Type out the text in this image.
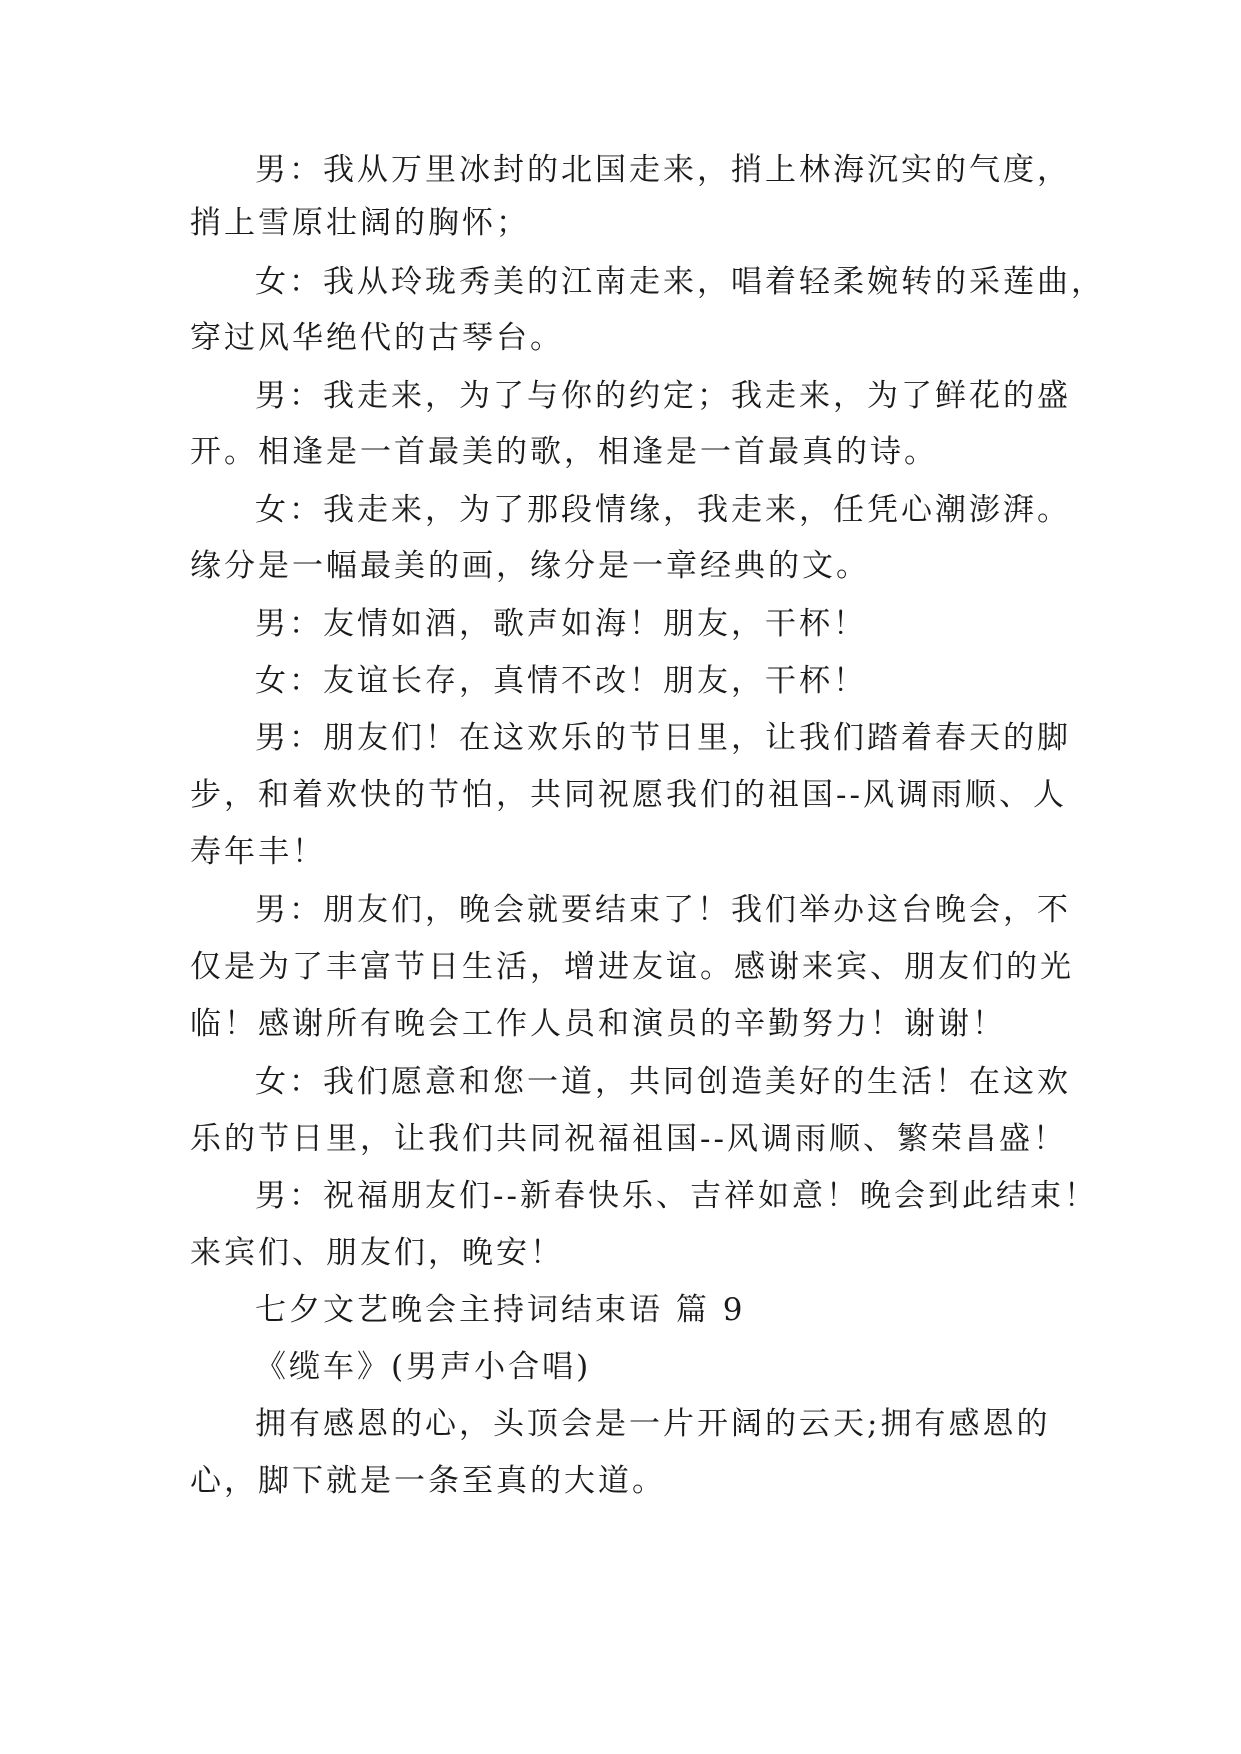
男：我从万里冰封的北国走来，捎上林海沉实的气度，
捎上雪原壮阔的胸怀；
女：我从玲珑秀美的江南走来，唱着轻柔婉转的采莲曲，
穿过风华绝代的古琴台。
男：我走来，为了与你的约定；我走来，为了鲜花的盛
开。相逢是一首最美的歌，相逢是一首最真的诗。
女：我走来，为了那段情缘，我走来，任凭心潮澎湃。
缘分是一幅最美的画，缘分是一章经典的文。
男：友情如酒，歌声如海！朋友，干杯！
女：友谊长存，真情不改！朋友，干杯！
男：朋友们！在这欢乐的节日里，让我们踏着春天的脚
步，和着欢快的节怕，共同祝愿我们的祖国--风调雨顺、人
寿年丰！
男：朋友们，晚会就要结束了！我们举办这台晚会，不
仅是为了丰富节日生活，增进友谊。感谢来宾、朋友们的光
临！感谢所有晚会工作人员和演员的辛勤努力！谢谢！
女：我们愿意和您一道，共同创造美好的生活！在这欢
乐的节日里，让我们共同祝福祖国--风调雨顺、繁荣昌盛！
男：祝福朋友们--新春快乐、吉祥如意！晚会到此结束！
来宾们、朋友们，晚安！
七夕文艺晚会主持词结束语 篇 9
《缆车》(男声小合唱)
拥有感恩的心，头顶会是一片开阔的云天;拥有感恩的
心，脚下就是一条至真的大道。
